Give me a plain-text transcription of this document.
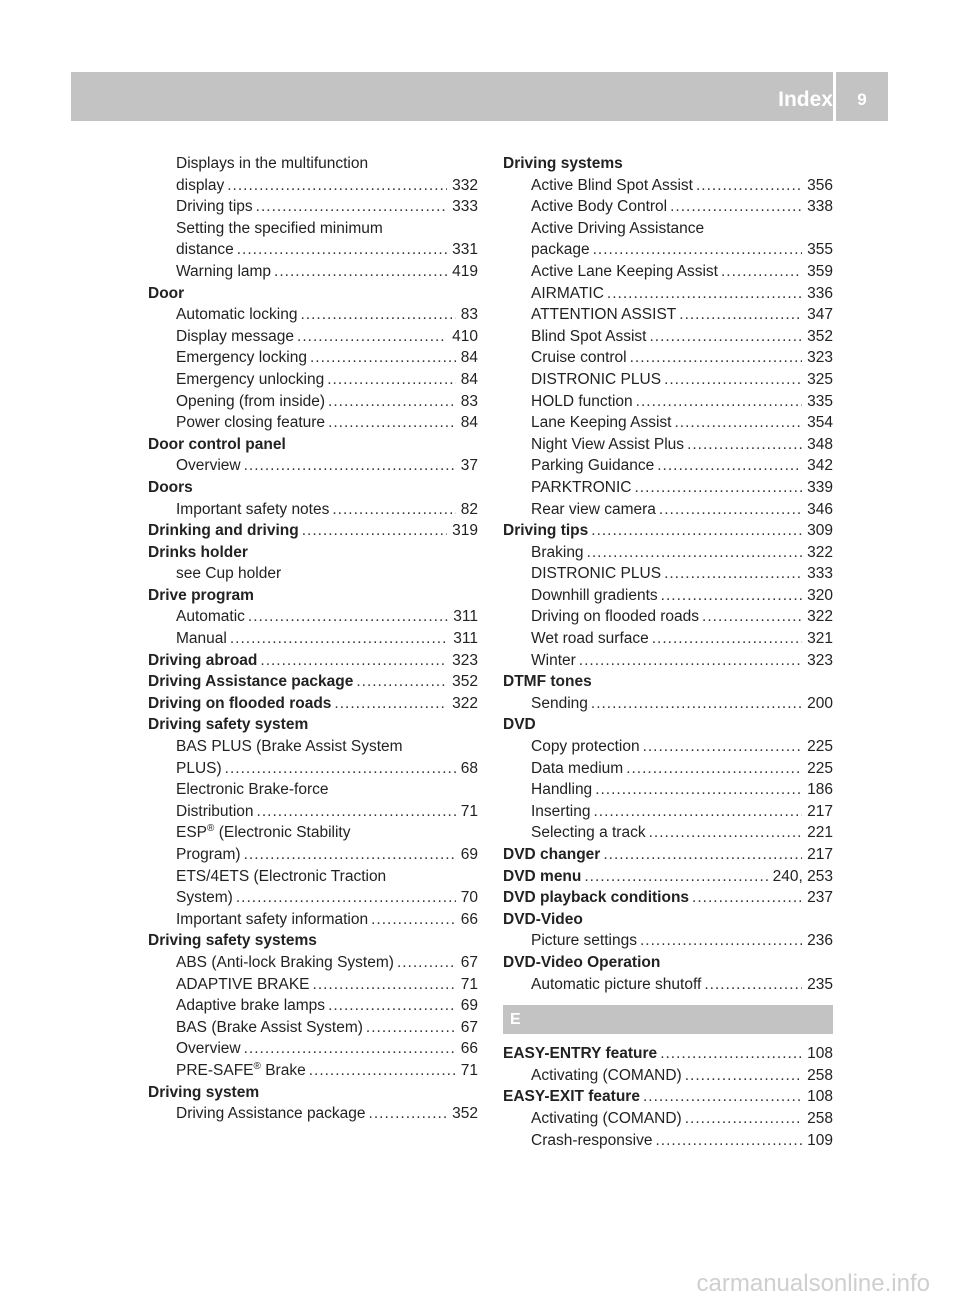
Index	9
Displays in the multifunction
display .....	332
Driving tips .....	333
Setting the specified minimum
distance .....	331
Warning lamp .....	419
Door
Automatic locking .....	83
Display message .....	410
Emergency locking .....	84
Emergency unlocking .....	84
Opening (from inside) .....	83
Power closing feature .....	84
Door control panel
Overview .....	37
Doors
Important safety notes .....	82
Drinking and driving .....	319
Drinks holder
see Cup holder
Drive program
Automatic .....	311
Manual .....	311
Driving abroad .....	323
Driving Assistance package .....	352
Driving on flooded roads .....	322
Driving safety system
BAS PLUS (Brake Assist System
PLUS) .....	68
Electronic Brake-force
Distribution .....	71
ESP® (Electronic Stability
Program) .....	69
ETS/4ETS (Electronic Traction
System) .....	70
Important safety information .....	66
Driving safety systems
ABS (Anti-lock Braking System) .....	67
ADAPTIVE BRAKE .....	71
Adaptive brake lamps .....	69
BAS (Brake Assist System) .....	67
Overview .....	66
PRE-SAFE® Brake .....	71
Driving system
Driving Assistance package .....	352
Driving systems
Active Blind Spot Assist .....	356
Active Body Control .....	338
Active Driving Assistance
package .....	355
Active Lane Keeping Assist .....	359
AIRMATIC .....	336
ATTENTION ASSIST .....	347
Blind Spot Assist .....	352
Cruise control .....	323
DISTRONIC PLUS .....	325
HOLD function .....	335
Lane Keeping Assist .....	354
Night View Assist Plus .....	348
Parking Guidance .....	342
PARKTRONIC .....	339
Rear view camera .....	346
Driving tips .....	309
Braking .....	322
DISTRONIC PLUS .....	333
Downhill gradients .....	320
Driving on flooded roads .....	322
Wet road surface .....	321
Winter .....	323
DTMF tones
Sending .....	200
DVD
Copy protection .....	225
Data medium .....	225
Handling .....	186
Inserting .....	217
Selecting a track .....	221
DVD changer .....	217
DVD menu .....	240, 253
DVD playback conditions .....	237
DVD-Video
Picture settings .....	236
DVD-Video Operation
Automatic picture shutoff .....	235
E
EASY-ENTRY feature .....	108
Activating (COMAND) .....	258
EASY-EXIT feature .....	108
Activating (COMAND) .....	258
Crash-responsive .....	109
carmanualsonline.info
